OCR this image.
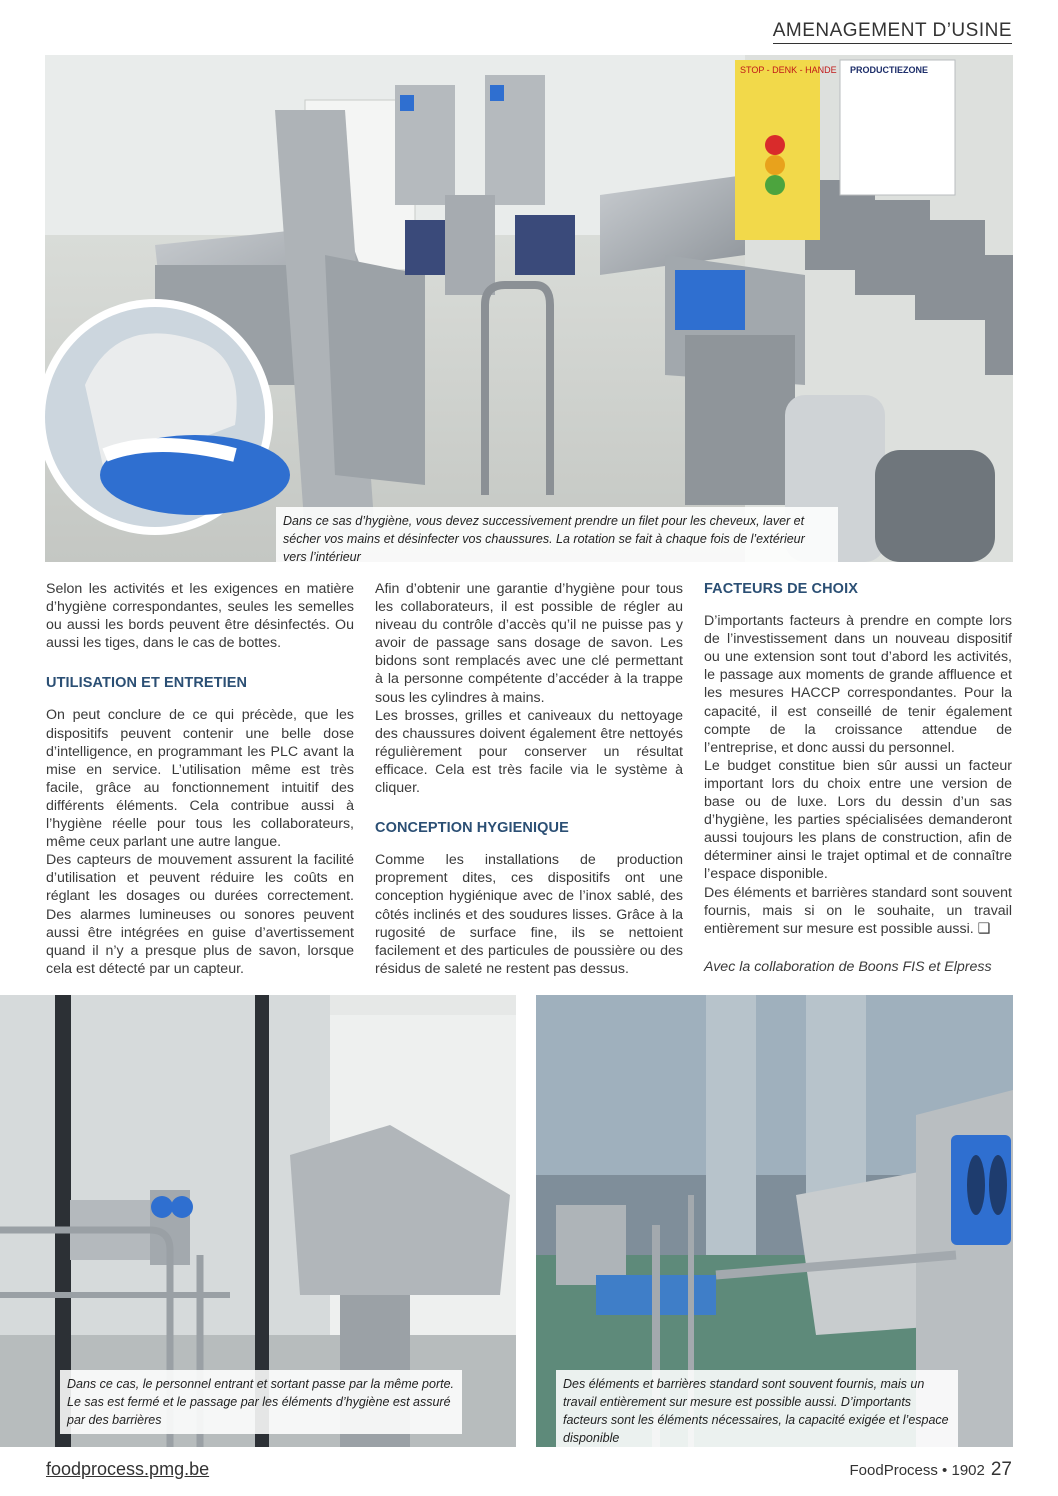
AMENAGEMENT D’USINE
STOP - DENK - HANDE PRODUCTIEZONE
Dans ce sas d’hygiène, vous devez successivement prendre un filet pour les cheveux, laver et sécher vos mains et désinfecter vos chaussures. La rotation se fait à chaque fois de l’extérieur vers l’intérieur

Selon les activités et les exigences en matière d’hygiène correspondantes, seules les semelles ou aussi les bords peuvent être désinfectés. Ou aussi les tiges, dans le cas de bottes.

UTILISATION ET ENTRETIEN

On peut conclure de ce qui précède, que les dispositifs peuvent contenir une belle dose d’intelligence, en programmant les PLC avant la mise en service. L’utilisation même est très facile, grâce au fonctionnement intuitif des différents éléments. Cela contribue aussi à l’hygiène réelle pour tous les collaborateurs, même ceux parlant une autre langue.

Des capteurs de mouvement assurent la facilité d’utilisation et peuvent réduire les coûts en réglant les dosages ou durées correctement. Des alarmes lumineuses ou sonores peuvent aussi être intégrées en guise d’avertissement quand il n’y a presque plus de savon, lorsque cela est détecté par un capteur.

Afin d’obtenir une garantie d’hygiène pour tous les collaborateurs, il est possible de régler au niveau du contrôle d’accès qu’il ne puisse pas y avoir de passage sans dosage de savon. Les bidons sont remplacés avec une clé permettant à la personne compétente d’accéder à la trappe sous les cylindres à mains.

Les brosses, grilles et caniveaux du nettoyage des chaussures doivent également être nettoyés régulièrement pour conserver un résultat efficace. Cela est très facile via le système à cliquer.

CONCEPTION HYGIENIQUE

Comme les installations de production proprement dites, ces dispositifs ont une conception hygiénique avec de l’inox sablé, des côtés inclinés et des soudures lisses. Grâce à la rugosité de surface fine, ils se nettoient facilement et des particules de poussière ou des résidus de saleté ne restent pas dessus.

FACTEURS DE CHOIX

D’importants facteurs à prendre en compte lors de l’investissement dans un nouveau dispositif ou une extension sont tout d’abord les activités, le passage aux moments de grande affluence et les mesures HACCP correspondantes. Pour la capacité, il est conseillé de tenir également compte de la croissance attendue de l’entreprise, et donc aussi du personnel.

Le budget constitue bien sûr aussi un facteur important lors du choix entre une version de base ou de luxe. Lors du dessin d’un sas d’hygiène, les parties spécialisées demanderont aussi toujours les plans de construction, afin de déterminer ainsi le trajet optimal et de connaître l’espace disponible.

Des éléments et barrières standard sont souvent fournis, mais si on le souhaite, un travail entièrement sur mesure est possible aussi. ❑

Avec la collaboration de Boons FIS et Elpress

Dans ce cas, le personnel entrant et sortant passe par la même porte. Le sas est fermé et le passage par les éléments d’hygiène est assuré par des barrières
Des éléments et barrières standard sont souvent fournis, mais un travail entièrement sur mesure est possible aussi. D’importants facteurs sont les éléments nécessaires, la capacité exigée et l’espace disponible
foodprocess.pmg.be	FoodProcess • 1902 27
